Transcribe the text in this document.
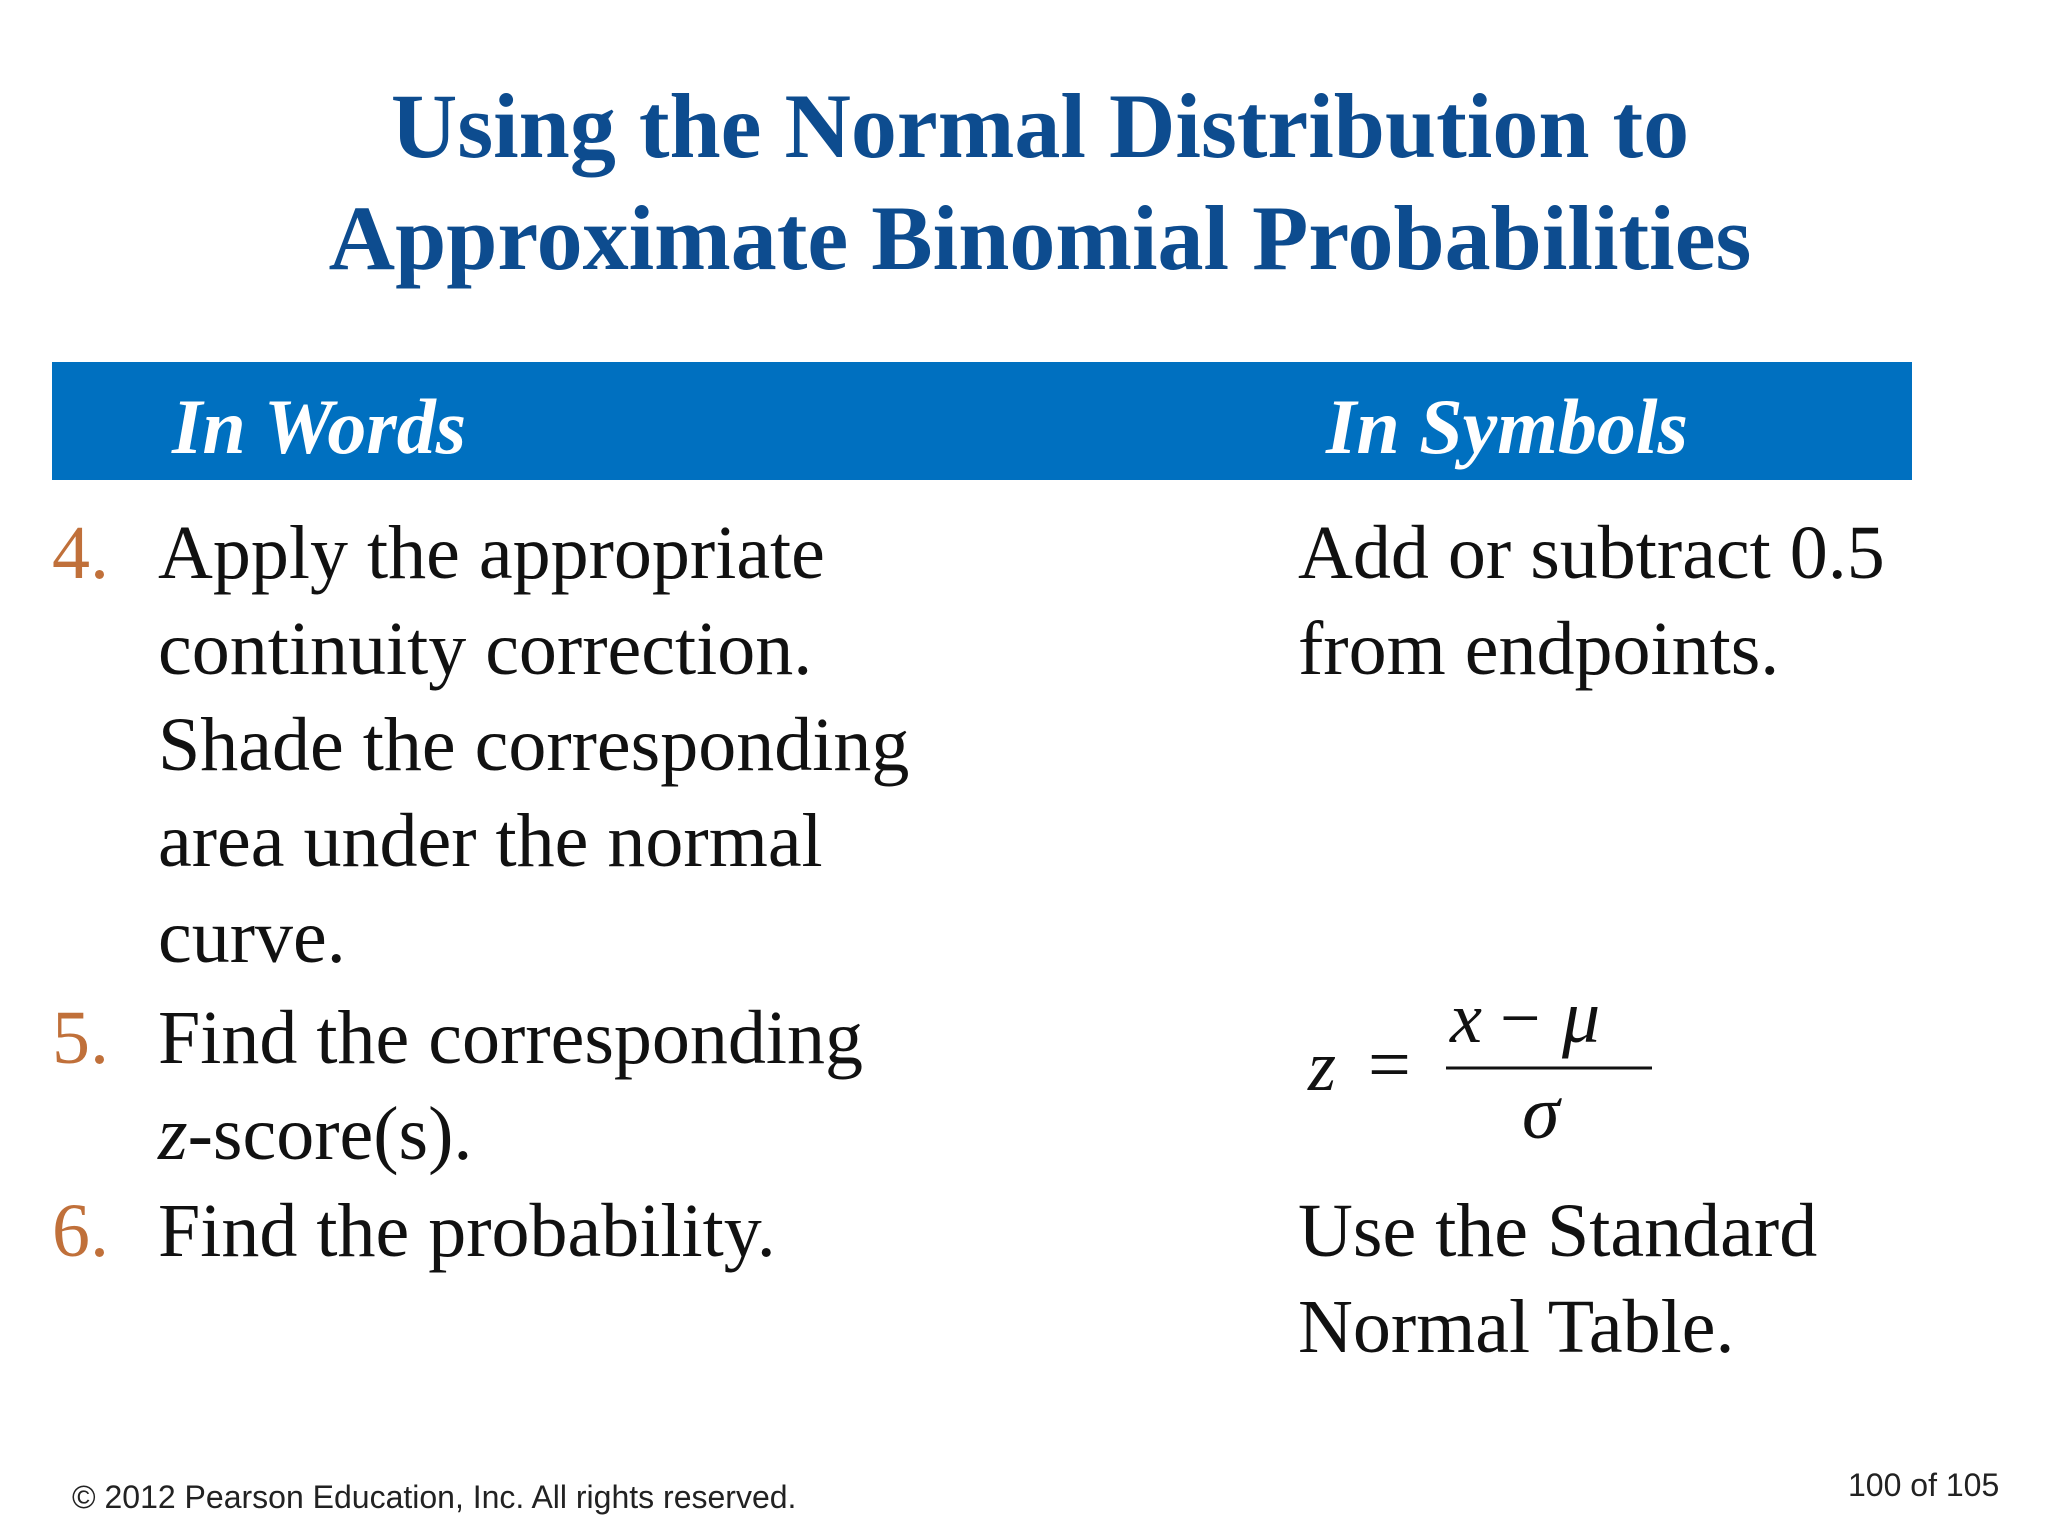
Using the Normal Distribution to
Approximate Binomial Probabilities
In Words	In Symbols
4. Apply the appropriate
continuity correction.
Shade the corresponding
area under the normal
curve.
5. Find the corresponding
z-score(s).
6. Find the probability.
Add or subtract 0.5
from endpoints.
z =
x − μ
σ
Use the Standard
Normal Table.
© 2012 Pearson Education, Inc. All rights reserved.	100 of 105
